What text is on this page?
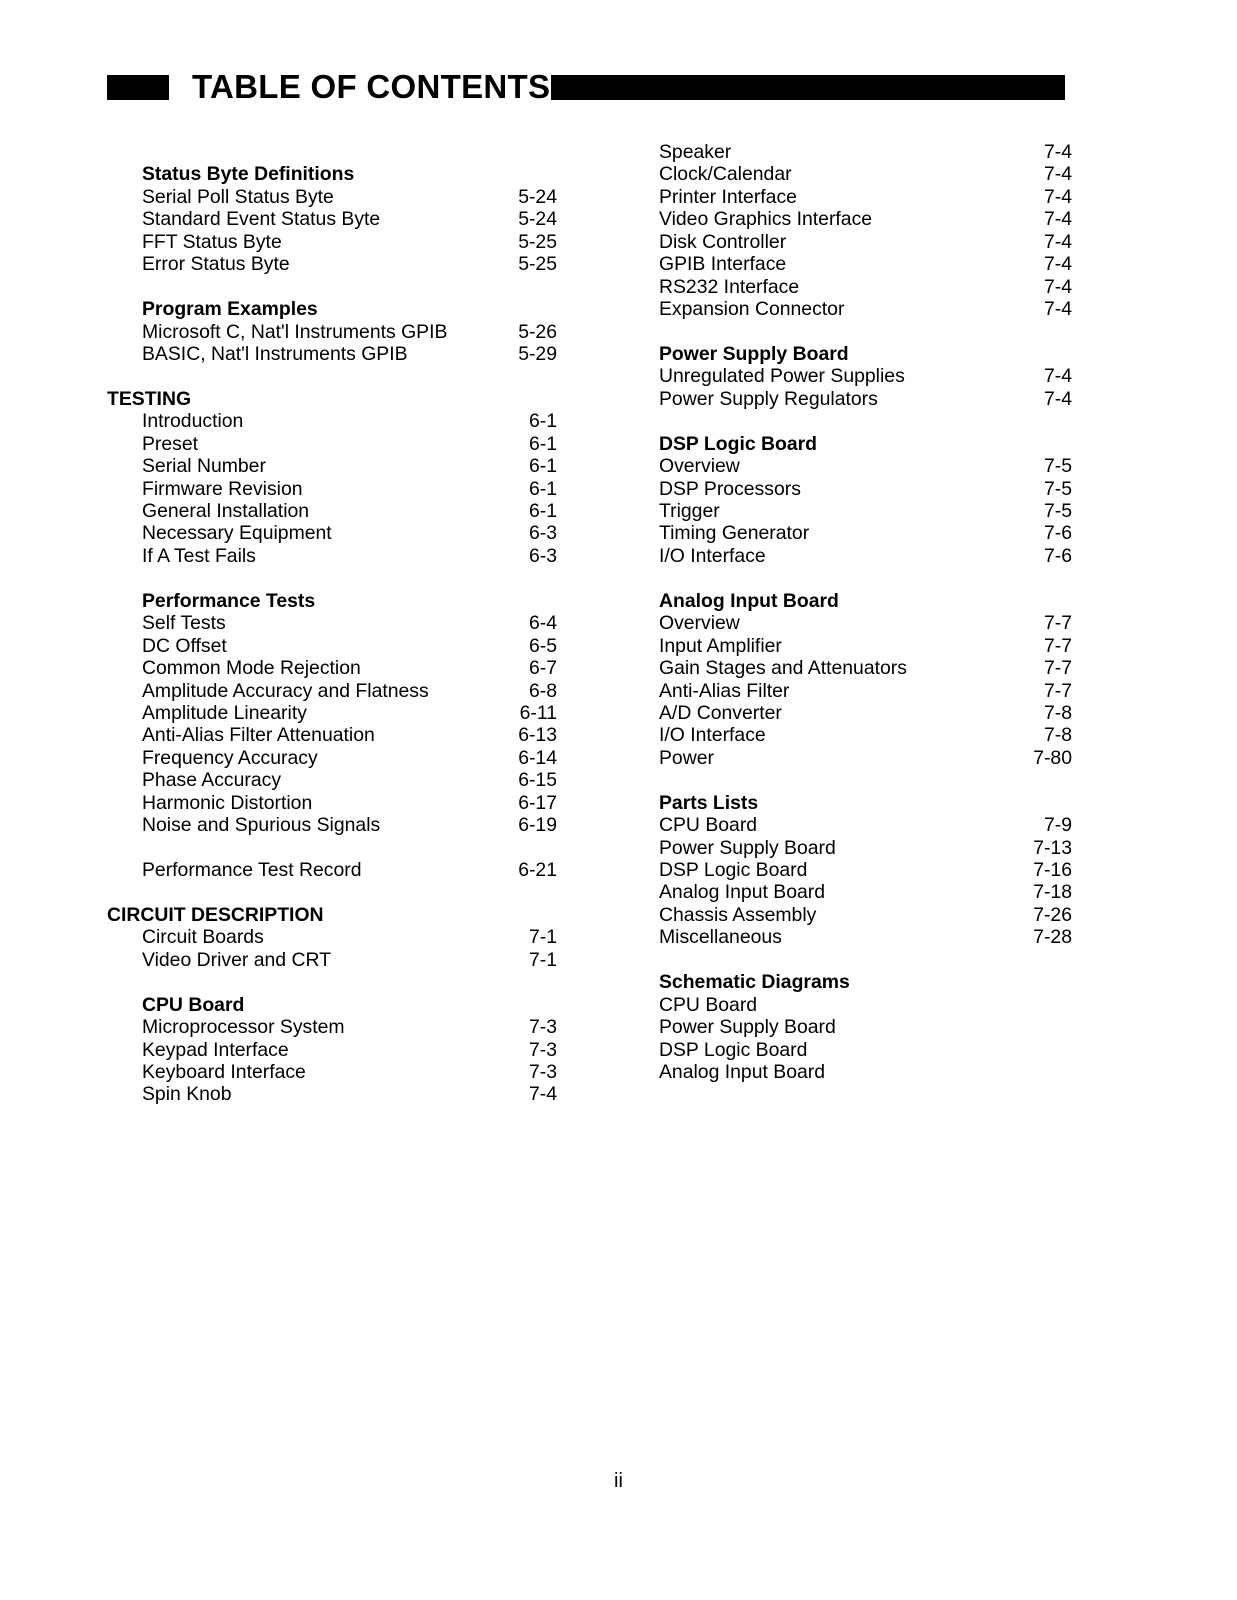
TABLE OF CONTENTS
Status Byte Definitions
Serial Poll Status Byte	5-24
Standard Event Status Byte	5-24
FFT Status Byte	5-25
Error Status Byte	5-25
Program Examples
Microsoft C, Nat'l Instruments GPIB	5-26
BASIC, Nat'l Instruments GPIB	5-29
TESTING
Introduction	6-1
Preset	6-1
Serial Number	6-1
Firmware Revision	6-1
General Installation	6-1
Necessary Equipment	6-3
If A Test Fails	6-3
Performance Tests
Self Tests	6-4
DC Offset	6-5
Common Mode Rejection	6-7
Amplitude Accuracy and Flatness	6-8
Amplitude Linearity	6-11
Anti-Alias Filter Attenuation	6-13
Frequency Accuracy	6-14
Phase Accuracy	6-15
Harmonic Distortion	6-17
Noise and Spurious Signals	6-19
Performance Test Record	6-21
CIRCUIT DESCRIPTION
Circuit Boards	7-1
Video Driver and CRT	7-1
CPU Board
Microprocessor System	7-3
Keypad Interface	7-3
Keyboard Interface	7-3
Spin Knob	7-4
Speaker	7-4
Clock/Calendar	7-4
Printer Interface	7-4
Video Graphics Interface	7-4
Disk Controller	7-4
GPIB Interface	7-4
RS232 Interface	7-4
Expansion Connector	7-4
Power Supply Board
Unregulated Power Supplies	7-4
Power Supply Regulators	7-4
DSP Logic Board
Overview	7-5
DSP Processors	7-5
Trigger	7-5
Timing Generator	7-6
I/O Interface	7-6
Analog Input Board
Overview	7-7
Input Amplifier	7-7
Gain Stages and Attenuators	7-7
Anti-Alias Filter	7-7
A/D Converter	7-8
I/O Interface	7-8
Power	7-80
Parts Lists
CPU Board	7-9
Power Supply Board	7-13
DSP Logic Board	7-16
Analog Input Board	7-18
Chassis Assembly	7-26
Miscellaneous	7-28
Schematic Diagrams
CPU Board
Power Supply Board
DSP Logic Board
Analog Input Board
ii
